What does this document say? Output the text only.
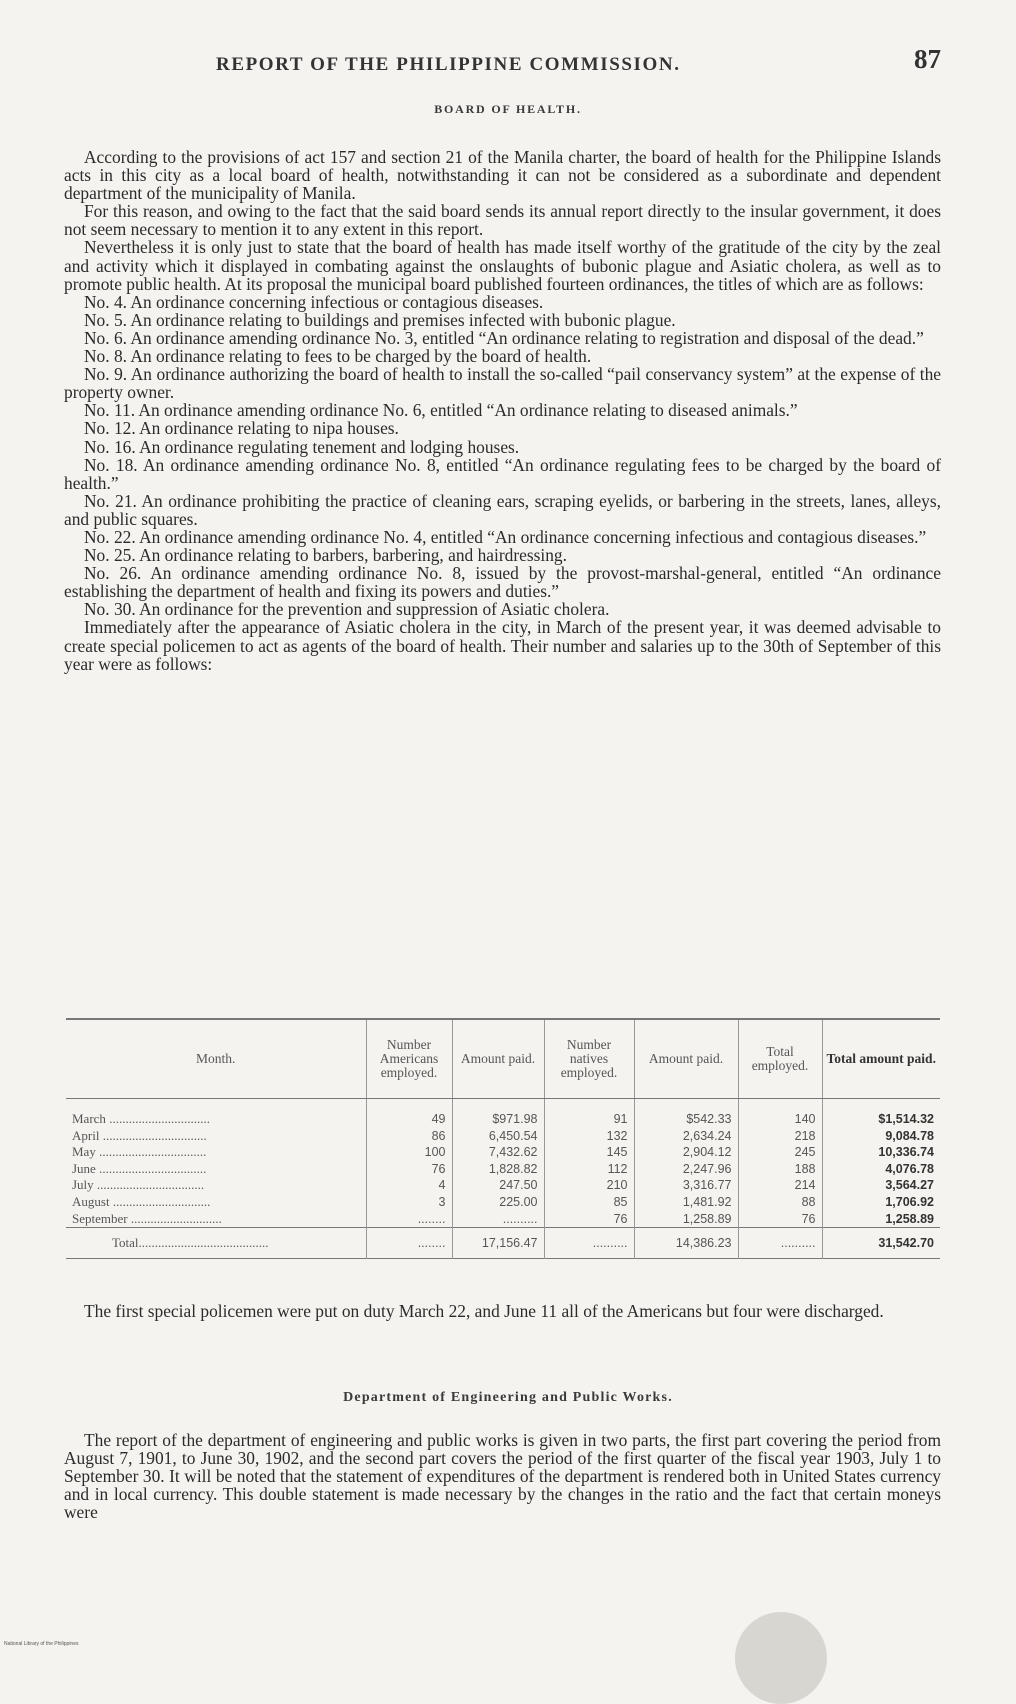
REPORT OF THE PHILIPPINE COMMISSION.	87
BOARD OF HEALTH.

According to the provisions of act 157 and section 21 of the Manila charter, the board of health for the Philippine Islands acts in this city as a local board of health, notwithstanding it can not be considered as a subordinate and dependent department of the municipality of Manila.

For this reason, and owing to the fact that the said board sends its annual report directly to the insular government, it does not seem necessary to mention it to any extent in this report.

Nevertheless it is only just to state that the board of health has made itself worthy of the gratitude of the city by the zeal and activity which it displayed in combating against the onslaughts of bubonic plague and Asiatic cholera, as well as to promote public health. At its proposal the municipal board published fourteen ordinances, the titles of which are as follows:

No. 4. An ordinance concerning infectious or contagious diseases.

No. 5. An ordinance relating to buildings and premises infected with bubonic plague.

No. 6. An ordinance amending ordinance No. 3, entitled “An ordinance relating to registration and disposal of the dead.”

No. 8. An ordinance relating to fees to be charged by the board of health.

No. 9. An ordinance authorizing the board of health to install the so-called “pail conservancy system” at the expense of the property owner.

No. 11. An ordinance amending ordinance No. 6, entitled “An ordinance relating to diseased animals.”

No. 12. An ordinance relating to nipa houses.

No. 16. An ordinance regulating tenement and lodging houses.

No. 18. An ordinance amending ordinance No. 8, entitled “An ordinance regulating fees to be charged by the board of health.”

No. 21. An ordinance prohibiting the practice of cleaning ears, scraping eyelids, or barbering in the streets, lanes, alleys, and public squares.

No. 22. An ordinance amending ordinance No. 4, entitled “An ordinance concerning infectious and contagious diseases.”

No. 25. An ordinance relating to barbers, barbering, and hairdressing.

No. 26. An ordinance amending ordinance No. 8, issued by the provost-marshal-general, entitled “An ordinance establishing the department of health and fixing its powers and duties.”

No. 30. An ordinance for the prevention and suppression of Asiatic cholera.

Immediately after the appearance of Asiatic cholera in the city, in March of the present year, it was deemed advisable to create special policemen to act as agents of the board of health. Their number and salaries up to the 30th of September of this year were as follows:

Month.	Number Americans employed.	Amount paid.	Number natives employed.	Amount paid.	Total employed.	Total amount paid.
March ...............................	49	$971.98	91	$542.33	140	$1,514.32
April ................................	86	6,450.54	132	2,634.24	218	9,084.78
May .................................	100	7,432.62	145	2,904.12	245	10,336.74
June .................................	76	1,828.82	112	2,247.96	188	4,076.78
July .................................	4	247.50	210	3,316.77	214	3,564.27
August ..............................	3	225.00	85	1,481.92	88	1,706.92
September ............................	........	..........	76	1,258.89	76	1,258.89
Total........................................	........	17,156.47	..........	14,386.23	..........	31,542.70

The first special policemen were put on duty March 22, and June 11 all of the Americans but four were discharged.

Department of Engineering and Public Works.

The report of the department of engineering and public works is given in two parts, the first part covering the period from August 7, 1901, to June 30, 1902, and the second part covers the period of the first quarter of the fiscal year 1903, July 1 to September 30. It will be noted that the statement of expenditures of the department is rendered both in United States currency and in local currency. This double statement is made necessary by the changes in the ratio and the fact that certain moneys were

National Library of the Philippines
